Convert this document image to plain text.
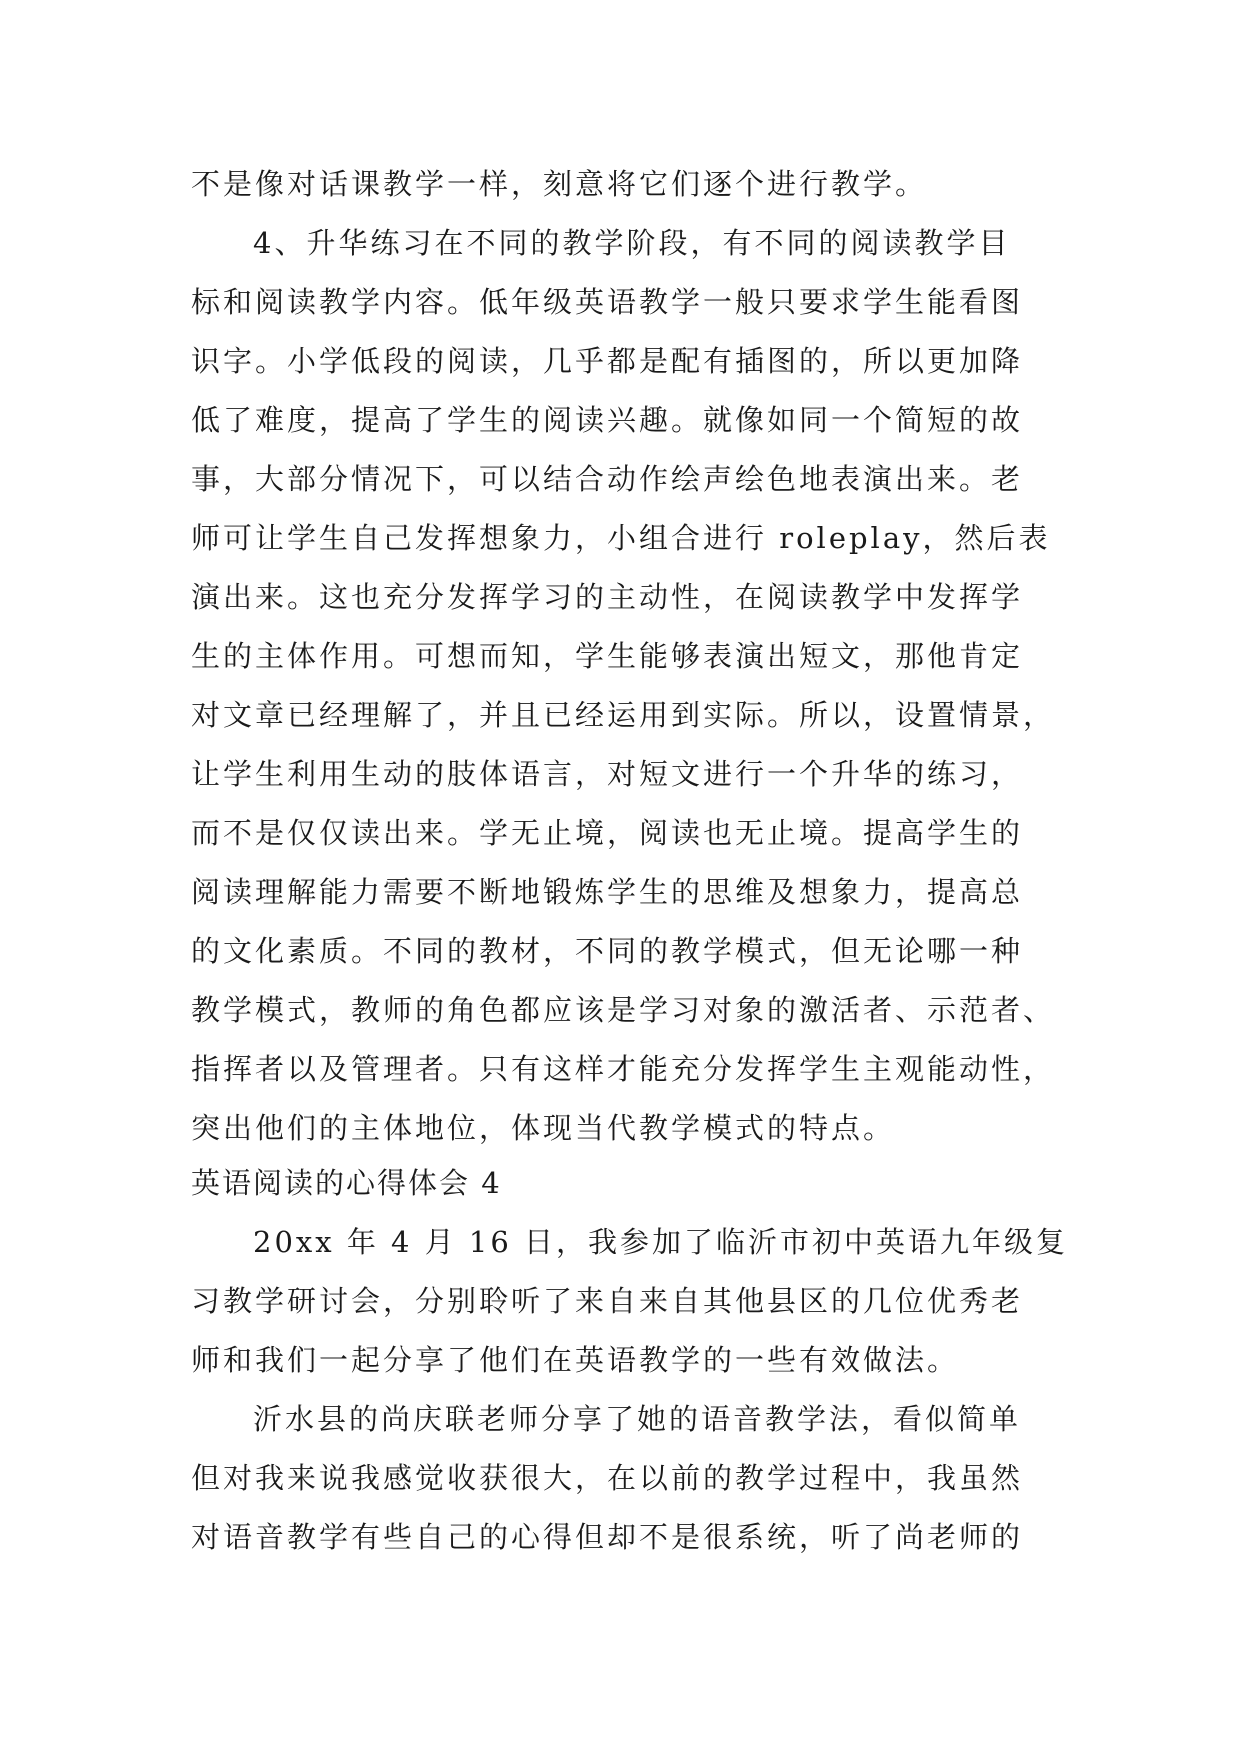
不是像对话课教学一样，刻意将它们逐个进行教学。
4、升华练习在不同的教学阶段，有不同的阅读教学目
标和阅读教学内容。低年级英语教学一般只要求学生能看图
识字。小学低段的阅读，几乎都是配有插图的，所以更加降
低了难度，提高了学生的阅读兴趣。就像如同一个简短的故
事，大部分情况下，可以结合动作绘声绘色地表演出来。老
师可让学生自己发挥想象力，小组合进行 roleplay，然后表
演出来。这也充分发挥学习的主动性，在阅读教学中发挥学
生的主体作用。可想而知，学生能够表演出短文，那他肯定
对文章已经理解了，并且已经运用到实际。所以，设置情景，
让学生利用生动的肢体语言，对短文进行一个升华的练习，
而不是仅仅读出来。学无止境，阅读也无止境。提高学生的
阅读理解能力需要不断地锻炼学生的思维及想象力，提高总
的文化素质。不同的教材，不同的教学模式，但无论哪一种
教学模式，教师的角色都应该是学习对象的激活者、示范者、
指挥者以及管理者。只有这样才能充分发挥学生主观能动性，
突出他们的主体地位，体现当代教学模式的特点。
英语阅读的心得体会 4
20xx 年 4 月 16 日，我参加了临沂市初中英语九年级复
习教学研讨会，分别聆听了来自来自其他县区的几位优秀老
师和我们一起分享了他们在英语教学的一些有效做法。
沂水县的尚庆联老师分享了她的语音教学法，看似简单
但对我来说我感觉收获很大，在以前的教学过程中，我虽然
对语音教学有些自己的心得但却不是很系统，听了尚老师的
